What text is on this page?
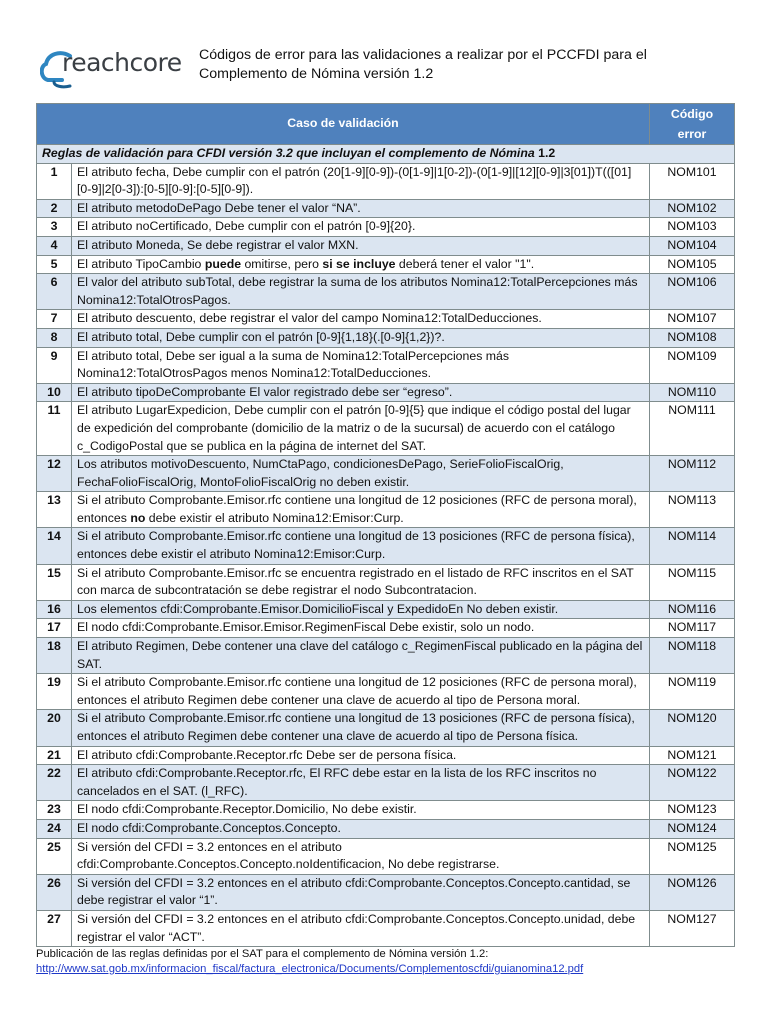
reachcore Códigos de error para las validaciones a realizar por el PCCFDI para el Complemento de Nómina versión 1.2
Caso de validación		Código error
Reglas de validación para CFDI versión 3.2 que incluyan el complemento de Nómina 1.2		
1	El atributo fecha, Debe cumplir con el patrón (20[1-9][0-9])-(0[1-9]|1[0-2])-(0[1-9]|[12][0-9]|3[01])T(([01][0-9]|2[0-3]):[0-5][0-9]:[0-5][0-9]).	NOM101
2	El atributo metodoDePago Debe tener el valor “NA”.	NOM102
3	El atributo noCertificado, Debe cumplir con el patrón [0-9]{20}.	NOM103
4	El atributo Moneda, Se debe registrar el valor MXN.	NOM104
5	El atributo TipoCambio puede omitirse, pero si se incluye deberá tener el valor "1".	NOM105
6	El valor del atributo subTotal, debe registrar la suma de los atributos Nomina12:TotalPercepciones más Nomina12:TotalOtrosPagos.	NOM106
7	El atributo descuento, debe registrar el valor del campo Nomina12:TotalDeducciones.	NOM107
8	El atributo total, Debe cumplir con el patrón [0-9]{1,18}(.[0-9]{1,2})?.	NOM108
9	El atributo total, Debe ser igual a la suma de Nomina12:TotalPercepciones más Nomina12:TotalOtrosPagos menos Nomina12:TotalDeducciones.	NOM109
10	El atributo tipoDeComprobante El valor registrado debe ser “egreso”.	NOM110
11	El atributo LugarExpedicion, Debe cumplir con el patrón [0-9]{5} que indique el código postal del lugar de expedición del comprobante (domicilio de la matriz o de la sucursal) de acuerdo con el catálogo c_CodigoPostal que se publica en la página de internet del SAT.	NOM111
12	Los atributos motivoDescuento, NumCtaPago, condicionesDePago, SerieFolioFiscalOrig, FechaFolioFiscalOrig, MontoFolioFiscalOrig no deben existir.	NOM112
13	Si el atributo Comprobante.Emisor.rfc contiene una longitud de 12 posiciones (RFC de persona moral), entonces no debe existir el atributo Nomina12:Emisor:Curp.	NOM113
14	Si el atributo Comprobante.Emisor.rfc contiene una longitud de 13 posiciones (RFC de persona física), entonces debe existir el atributo Nomina12:Emisor:Curp.	NOM114
15	Si el atributo Comprobante.Emisor.rfc se encuentra registrado en el listado de RFC inscritos en el SAT con marca de subcontratación se debe registrar el nodo Subcontratacion.	NOM115
16	Los elementos cfdi:Comprobante.Emisor.DomicilioFiscal y ExpedidoEn No deben existir.	NOM116
17	El nodo cfdi:Comprobante.Emisor.Emisor.RegimenFiscal Debe existir, solo un nodo.	NOM117
18	El atributo Regimen, Debe contener una clave del catálogo c_RegimenFiscal publicado en la página del SAT.	NOM118
19	Si el atributo Comprobante.Emisor.rfc contiene una longitud de 12 posiciones (RFC de persona moral), entonces el atributo Regimen debe contener una clave de acuerdo al tipo de Persona moral.	NOM119
20	Si el atributo Comprobante.Emisor.rfc contiene una longitud de 13 posiciones (RFC de persona física), entonces el atributo Regimen debe contener una clave de acuerdo al tipo de Persona física.	NOM120
21	El atributo cfdi:Comprobante.Receptor.rfc Debe ser de persona física.	NOM121
22	El atributo cfdi:Comprobante.Receptor.rfc, El RFC debe estar en la lista de los RFC inscritos no cancelados en el SAT. (l_RFC).	NOM122
23	El nodo cfdi:Comprobante.Receptor.Domicilio, No debe existir.	NOM123
24	El nodo cfdi:Comprobante.Conceptos.Concepto.	NOM124
25	Si versión del CFDI = 3.2 entonces en el atributo cfdi:Comprobante.Conceptos.Concepto.noIdentificacion, No debe registrarse.	NOM125
26	Si versión del CFDI = 3.2 entonces en el atributo cfdi:Comprobante.Conceptos.Concepto.cantidad, se debe registrar el valor “1”.	NOM126
27	Si versión del CFDI = 3.2 entonces en el atributo cfdi:Comprobante.Conceptos.Concepto.unidad, debe registrar el valor “ACT”.	NOM127
Publicación de las reglas definidas por el SAT para el complemento de Nómina versión 1.2:
http://www.sat.gob.mx/informacion_fiscal/factura_electronica/Documents/Complementoscfdi/guianomina12.pdf
